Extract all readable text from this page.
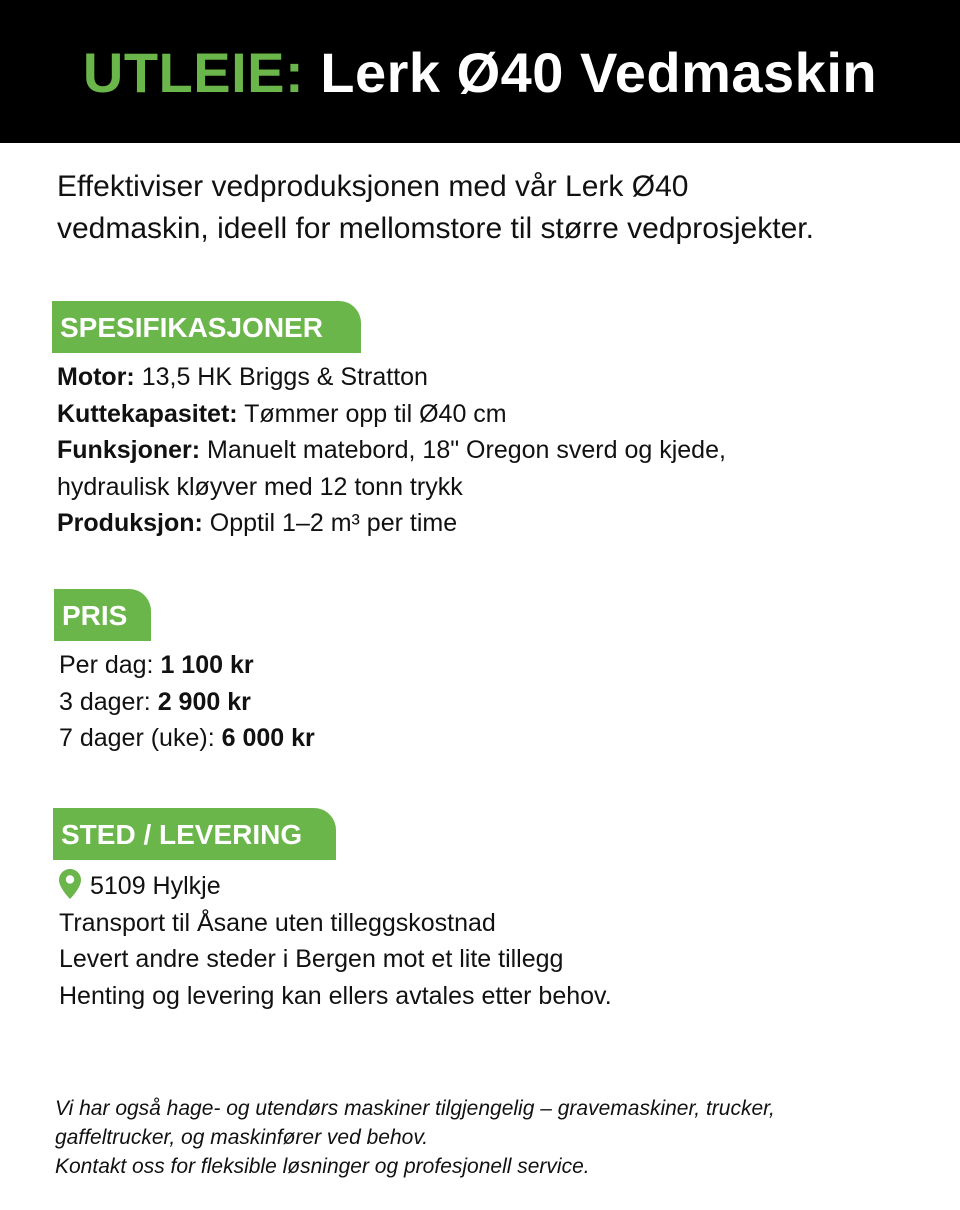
UTLEIE: Lerk Ø40 Vedmaskin
Effektiviser vedproduksjonen med vår Lerk Ø40
vedmaskin, ideell for mellomstore til større vedprosjekter.
SPESIFIKASJONER
Motor: 13,5 HK Briggs & Stratton
Kuttekapasitet: Tømmer opp til Ø40 cm
Funksjoner: Manuelt matebord, 18" Oregon sverd og kjede,
hydraulisk kløyver med 12 tonn trykk
Produksjon: Opptil 1–2 m³ per time
PRIS
Per dag: 1 100 kr
3 dager: 2 900 kr
7 dager (uke): 6 000 kr
STED / LEVERING
5109 Hylkje
Transport til Åsane uten tilleggskostnad
Levert andre steder i Bergen mot et lite tillegg
Henting og levering kan ellers avtales etter behov.
Vi har også hage- og utendørs maskiner tilgjengelig – gravemaskiner, trucker,
gaffeltrucker, og maskinfører ved behov.
Kontakt oss for fleksible løsninger og profesjonell service.
